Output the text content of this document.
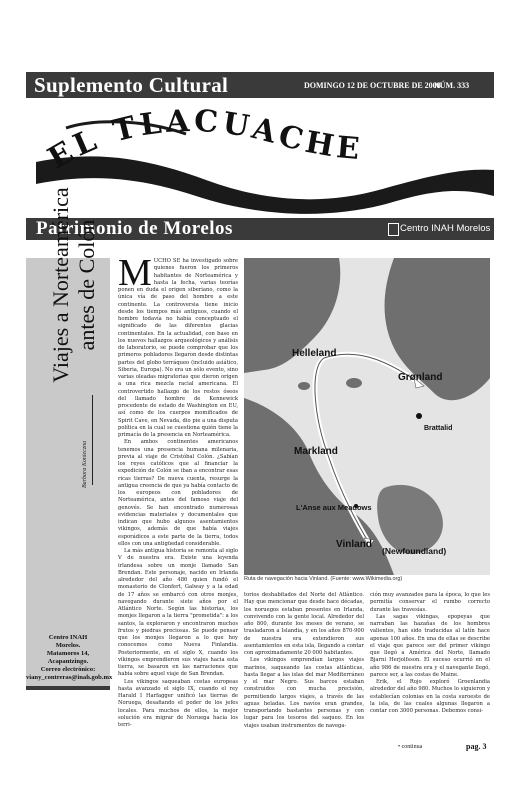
Suplemento Cultural	DOMINGO 12 DE OCTUBRE DE 2008
NÚM. 333
EL TLACUACHE
Patrimonio de Morelos	Centro INAH Morelos
Viajes a Norteamérica antes de Colón
Barbara Konieczna
Centro INAH
Morelos.
Matamoros 14,
Acapantzingo.
Correo electrónico:
viany_contreras@inah.gob.mx
M UCHO SE ha investigado sobre quienes fueron los primeros habitantes de Norteamérica y hasta la fecha, varias teorías ponen en duda el origen siberiano, como la única vía de paso del hombre a este continente. La controversia tiene inicio desde los tiempos más antiguos, cuando el hombre todavía no había conceptuado el significado de las diferentes glacias continentales. En la actualidad, con base en los nuevos hallazgos arqueológicos y análisis de laboratorio, se puede comprobar que los primeros pobladores llegaron desde distintas partes del globo terráqueo (incluido asiático, Siberia, Europa). No era un sólo evento, sino varias oleadas migratorias que dieron origen a una rica mezcla racial americana. El controvertido hallazgo de los restos óseos del llamado hombre de Kennewick procedente de estado de Washington en EU, así como de los cuerpos momificados de Spirit Cave, en Nevada, dio pie a una disputa política en la cual se cuestiona quién tiene la primacía de la presencia en Norteamérica.

En ambos continentes americanos tenemos una presencia humana milenaria, previa al viaje de Cristóbal Colón. ¿Sabían los reyes católicos que al financiar la expedición de Colón se iban a encontrar esas ricas tierras? De nueva cuenta, resurge la antigua creencia de que ya había contacto de los europeos con pobladores de Norteamérica, antes del famoso viaje del genovés. Se han encontrado numerosas evidencias materiales y documentales que indican que hubo algunos asentamientos vikingos, además de que había viajes esporádicos a este parte de la tierra, todos ellos con una antigüedad considerable.

La más antigua historia se remonta al siglo V de nuestra era. Existe una leyenda irlandesa sobre un monje llamado San Brendan. Este personaje, nacido en Irlanda alrededor del año 486 quien fundó el monasterio de Clonfert, Galway y a la edad de 17 años se embarcó con otros monjes, navegando durante siete años por el Atlántico Norte. Según las historias, los monjes llegaron a la tierra "prometida": a los santos, la exploraron y encontraron muchos frutos y piedras preciosas. Se puede pensar que los monjes llegaron a lo que hoy conocemos como Nueva Finlandia. Posteriormente, en el siglo X, cuando los vikingos emprendieron sus viajes hacia esta tierra, se basaron en las narraciones que había sobre aquel viaje de San Brendan.

Los vikingos saqueaban costas europeas hasta avanzado el siglo IX, cuando el rey Harald I Harfagger unificó las tierras de Noruega, desafiando el poder de los jefes locales. Para muchos de ellos, la mejor solución era migrar de Noruega hacia los terri-

Helleland
Grønland
Brattalid
Markland
L'Anse aux Meadows
Vinland
(Newfoundland)
Ruta de navegación hacia Vinland. (Fuente: www.Wikimedia.org)

torios deshabitados del Norte del Atlántico. Hay que mencionar que desde hace décadas, los noruegos estaban presentes en Irlanda, convivendo con la gente local. Alrededor del año 800, durante los meses de verano, se trasladaron a Islandia, y en los años 870-900 de nuestra era extendieron sus asentamientos en esta isla, llegando a contar con aproximadamente 20 000 habitantes.

Los vikingos emprendían largos viajes marinos, saqueando las costas atlánticas, hasta llegar a las islas del mar Mediterráneo y el mar Negro. Sus barcos estaban construidos con mucha precisión, permitiendo largos viajes, a través de las aguas heladas. Los navíos eran grandes, transportando bastantes personas y con lugar para los tesoros del saqueo. En los viajes usaban instrumentos de navega-

ción muy avanzados para la época, lo que les permitía conservar el rumbo correcto durante las travesías.

Las sagas vikingas, epopeyas que narraban las hazañas de los hombres valientes, han sido traducidas al latín hace apenas 100 años. En una de ellas se describe el viaje que parece ser del primer vikingo que llegó a América del Norte, llamado Bjarni Herjolfsson. El suceso ocurrió en el año 986 de nuestra era y el navegante llegó, parece ser, a las costas de Maine.

Erik, el Rojo exploró Groenlandia alrededor del año 980. Muchos lo siguieron y establecían colonias en la costa suroeste de la isla, de las cuales algunas llegaron a contar con 3000 personas. Debemos consi-

• continua	pag. 3
